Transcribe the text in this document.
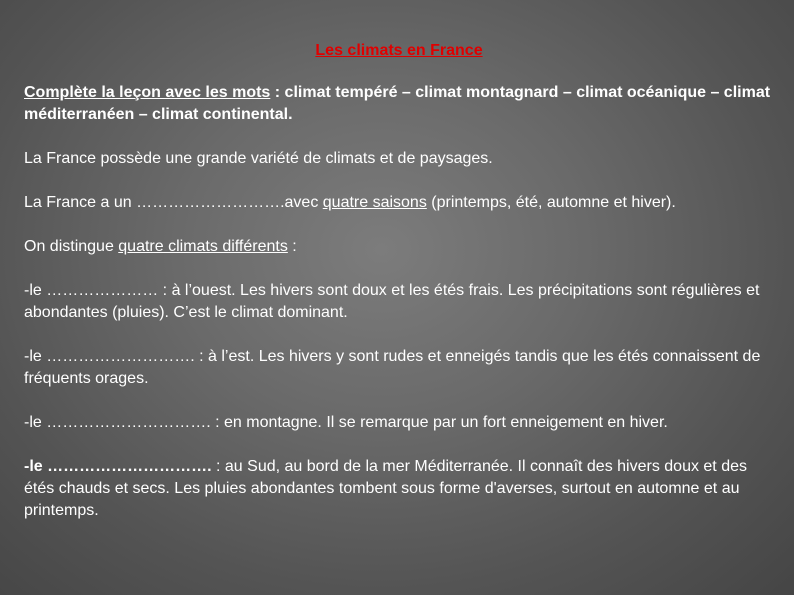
Les climats en France

Complète la leçon avec les mots : climat tempéré – climat montagnard – climat océanique – climat méditerranéen – climat continental.

La France possède une grande variété de climats et de paysages.

La France a un ……………………….avec quatre saisons (printemps, été, automne et hiver).

On distingue quatre climats différents :

-le ………………… : à l’ouest. Les hivers sont doux et les étés frais. Les précipitations sont régulières et abondantes (pluies). C’est le climat dominant.

-le ………………………. : à l’est. Les hivers y sont rudes et enneigés tandis que les étés connaissent de fréquents orages.

-le …………………………. : en montagne. Il se remarque par un fort enneigement en hiver.

-le …………………………. : au Sud, au bord de la mer Méditerranée. Il connaît des hivers doux et des étés chauds et secs. Les pluies abondantes tombent sous forme d'averses, surtout en automne et au printemps.
